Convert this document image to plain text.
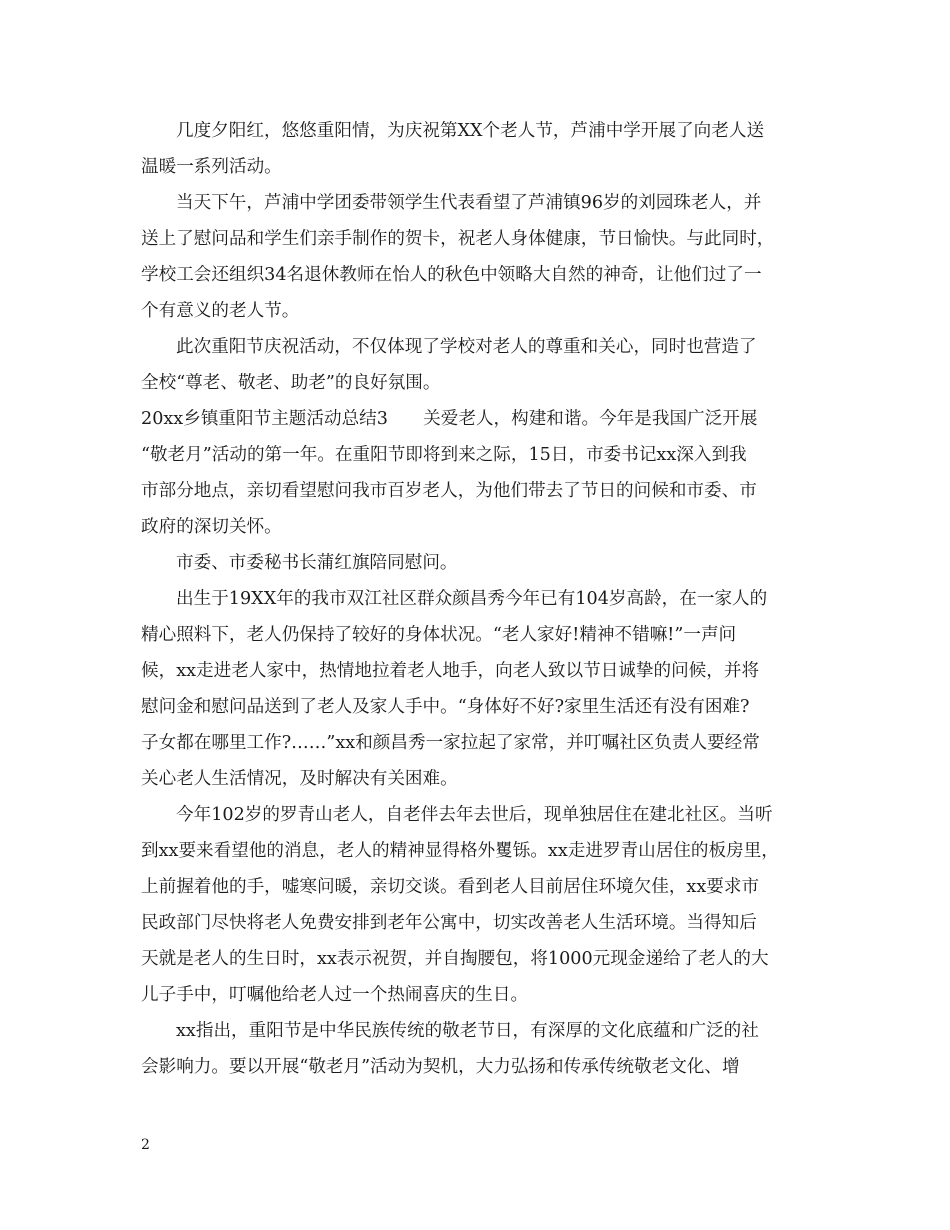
几度夕阳红，悠悠重阳情，为庆祝第XX个老人节，芦浦中学开展了向老人送
温暖一系列活动。
当天下午，芦浦中学团委带领学生代表看望了芦浦镇96岁的刘园珠老人，并
送上了慰问品和学生们亲手制作的贺卡，祝老人身体健康，节日愉快。与此同时，
学校工会还组织34名退休教师在怡人的秋色中领略大自然的神奇，让他们过了一
个有意义的老人节。
此次重阳节庆祝活动，不仅体现了学校对老人的尊重和关心，同时也营造了
全校“尊老、敬老、助老”的良好氛围。
20xx乡镇重阳节主题活动总结3　　关爱老人，构建和谐。今年是我国广泛开展
“敬老月”活动的第一年。在重阳节即将到来之际，15日，市委书记xx深入到我
市部分地点，亲切看望慰问我市百岁老人，为他们带去了节日的问候和市委、市
政府的深切关怀。
市委、市委秘书长蒲红旗陪同慰问。
出生于19XX年的我市双江社区群众颜昌秀今年已有104岁高龄，在一家人的
精心照料下，老人仍保持了较好的身体状况。“老人家好!精神不错嘛!”一声问
候，xx走进老人家中，热情地拉着老人地手，向老人致以节日诚挚的问候，并将
慰问金和慰问品送到了老人及家人手中。“身体好不好?家里生活还有没有困难?
子女都在哪里工作?……”xx和颜昌秀一家拉起了家常，并叮嘱社区负责人要经常
关心老人生活情况，及时解决有关困难。
今年102岁的罗青山老人，自老伴去年去世后，现单独居住在建北社区。当听
到xx要来看望他的消息，老人的精神显得格外矍铄。xx走进罗青山居住的板房里，
上前握着他的手，嘘寒问暖，亲切交谈。看到老人目前居住环境欠佳，xx要求市
民政部门尽快将老人免费安排到老年公寓中，切实改善老人生活环境。当得知后
天就是老人的生日时，xx表示祝贺，并自掏腰包，将1000元现金递给了老人的大
儿子手中，叮嘱他给老人过一个热闹喜庆的生日。
xx指出，重阳节是中华民族传统的敬老节日，有深厚的文化底蕴和广泛的社
会影响力。要以开展“敬老月”活动为契机，大力弘扬和传承传统敬老文化、增
2
